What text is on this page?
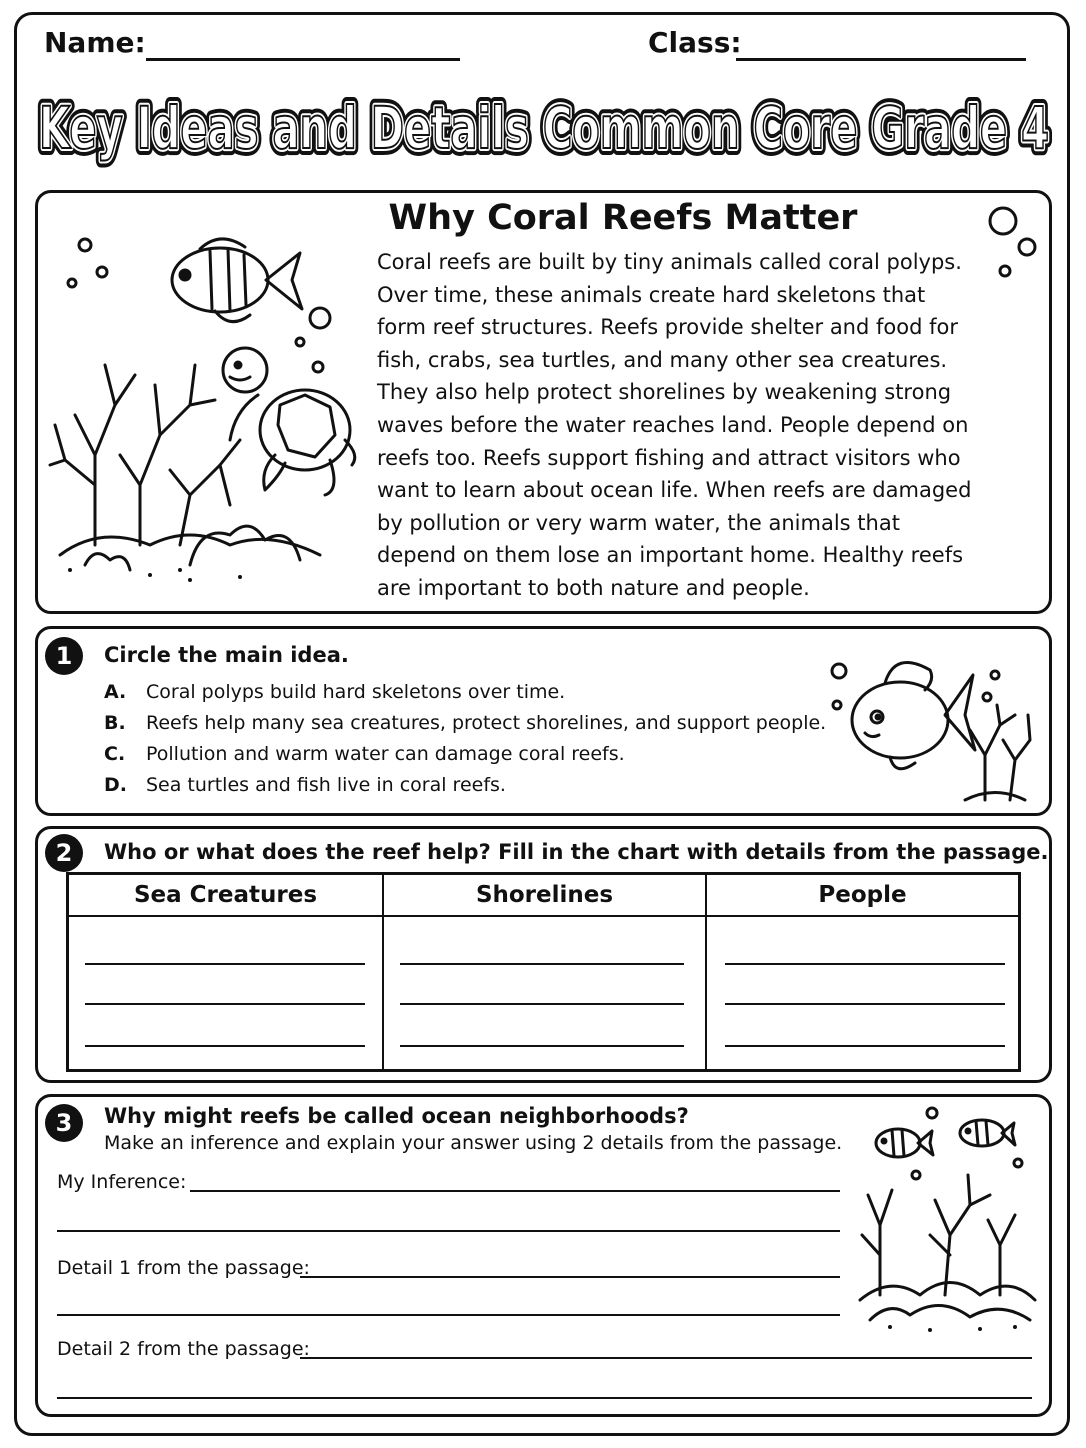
Name:	Class:
Key Ideas and Details Common Core Grade 4
Key Ideas and Details Common Core Grade 4
Key Ideas and Details Common Core Grade 4
Why Coral Reefs Matter
Coral reefs are built by tiny animals called coral polyps. Over time, these animals create hard skeletons that form reef structures. Reefs provide shelter and food for fish, crabs, sea turtles, and many other sea creatures. They also help protect shorelines by weakening strong waves before the water reaches land. People depend on reefs too. Reefs support fishing and attract visitors who want to learn about ocean life. When reefs are damaged by pollution or very warm water, the animals that depend on them lose an important home. Healthy reefs are important to both nature and people.
1	Circle the main idea.
A. Coral polyps build hard skeletons over time.
B. Reefs help many sea creatures, protect shorelines, and support people.
C. Pollution and warm water can damage coral reefs.
D. Sea turtles and fish live in coral reefs.
2	Who or what does the reef help? Fill in the chart with details from the passage.
Sea Creatures	Shorelines	People

3	Why might reefs be called ocean neighborhoods?
Make an inference and explain your answer using 2 details from the passage.
My Inference:
Detail 1 from the passage:
Detail 2 from the passage:
